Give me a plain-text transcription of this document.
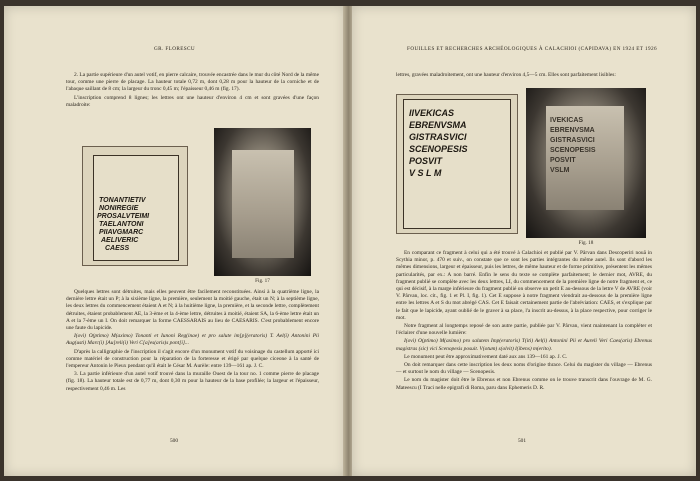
GR. FLORESCU

2. La partie supérieure d'un autel votif, en pierre calcaire, trouvée encastrée dans le mur du côté Nord de la même tour, comme une pierre de placage. La hauteur totale 0,72 m, dont 0,28 m pour la hauteur de la corniche et de l'abaque saillant de 8 cm; la largeur du tronc 0,45 m; l'épaisseur 0,46 m (fig. 17).

L'inscription comprend 8 lignes; les lettres ont une hauteur d'environ 4 cm et sont gravées d'une façon maladroite:

TONANTIETIV
NONIREGIE
PROSALVTEIMI
TAELANTONI
PIIAVGMARC
AELIVERIC
CAESS
Fig. 17

Quelques lettres sont détruites, mais elles peuvent être facilement reconstituées. Ainsi à la quatrième ligne, la dernière lettre était un P; à la sixième ligne, la première, seulement la moitié gauche, était un N; à la septième ligne, les deux lettres du commencement étaient A et N; à la huitième ligne, la première, et la seconde lettre, complètement détruites, étaient probablement AE, la 3-ème et la 4-ème lettre, détruites à moitié, étaient SA, la 6-ème lettre était un A et la 7-ème un I. On doit remarquer la forme CAESSARAIS au lieu de CAESARIS. C'est probablement encore une faute du lapicide.

I(ovi) O(ptimo) M(aximo) Tonanti et Iunoni Reg(inae) et pro salute im[p](eratoris) T. Ael(i) Antonini Pii Aug(usti) Marc(i) [Au]reli(i) Veri C[a]es(aris)s pont[i]...

D'après la calligraphie de l'inscription il s'agit encore d'un monument votif du voisinage du castellum apporté ici comme matériel de construction pour la réparation de la forteresse et érigé par quelque ciceone à la santé de l'empereur Antonin le Pieux pendant qu'il était le César M. Aurèle: entre 139—161 ap. J. C.

3. La partie inférieure d'un autel votif trouvé dans la muraille Ouest de la tour no. 1 comme pierre de placage (fig. 18). La hauteur totale est de 0,77 m, dont 0,30 m pour la hauteur de la base profilée; la largeur et l'épaisseur, respectivement 0,46 m. Les

500
FOUILLES ET RECHERCHES ARCHÉOLOGIQUES À CALACHIOI (CAPIDAVA) EN 1924 ET 1926

lettres, gravées maladroitement, ont une hauteur d'environ 4,5—5 cm. Elles sont parfaitement lisibles:

IIVEKICAS
EBRENVSMA
GISTRASVICI
SCENOPESIS
POSVIT
V S L M
IVEKICAS
EBRENVSMA
GISTRASVICI
SCENOPESIS
POSVIT
VSLM
Fig. 18

En comparant ce fragment à celui qui a été trouvé à Calachioi et publié par V. Pârvan dans Descoperiri nouă in Scythia minor, p. 470 et suiv., on constate que ce sont les parties intégrantes du même autel. Ils sont d'abord les mêmes dimensions, largeur et épaisseur, puis les lettres, de même hauteur et de forme primitive, présentent les mêmes particularités, par ex.: A non barré. Enfin le sens du texte se complète parfaitement; le dernier mot, AVRE, du fragment publié se complète avec les deux lettres, LI, du commencement de la première ligne de notre fragment et, ce qui est décisif, à la marge inférieure du fragment publié on observe un petit E au-dessous de la lettre V de AVRE (voir V. Pârvan, loc. cit., fig. 1 et Pl. I, fig. 1). Cet E suppose à notre fragment viendrait au-dessous de la première ligne entre les lettres A et S du mot abrégé CAS. Cet E faisait certainement partie de l'abréviation: CAES, et s'explique par le fait que le lapicide, ayant oublié de le graver à sa place, l'a inscrit au-dessus, à la place respective, pour corriger le mot.

Notre fragment al longtemps reposé de son autre partie, publiée par V. Pârvan, vient maintenant la compléter et l'éclairer d'une nouvelle lumière:

I(ovi) O(ptimo) M(aximo) pro salutem Imp(eratoris) T(iti) Ael(i) Antonini Pii et Aureli Veri Caes(aris) Ebrenus magistras (sic) vici Scenopesis posuit. V(otum) s(olvit) l(ibens) m(erito).

Le monument peut être approximativement daté aux ans 139—161 ap. J. C.

On doit remarquer dans cette inscription les deux noms d'origine thrace. Celui du magister du village — Ebrenus — et surtout le nom du village — Scenopesis.

Le nom du magister doit être le Ebrenus et non Ebrenus comme on le trouve transcrit dans l'ouvrage de M. G. Mateescu (I Traci nelle epigrafi di Roma, paru dans Ephemeris D. R.

501
